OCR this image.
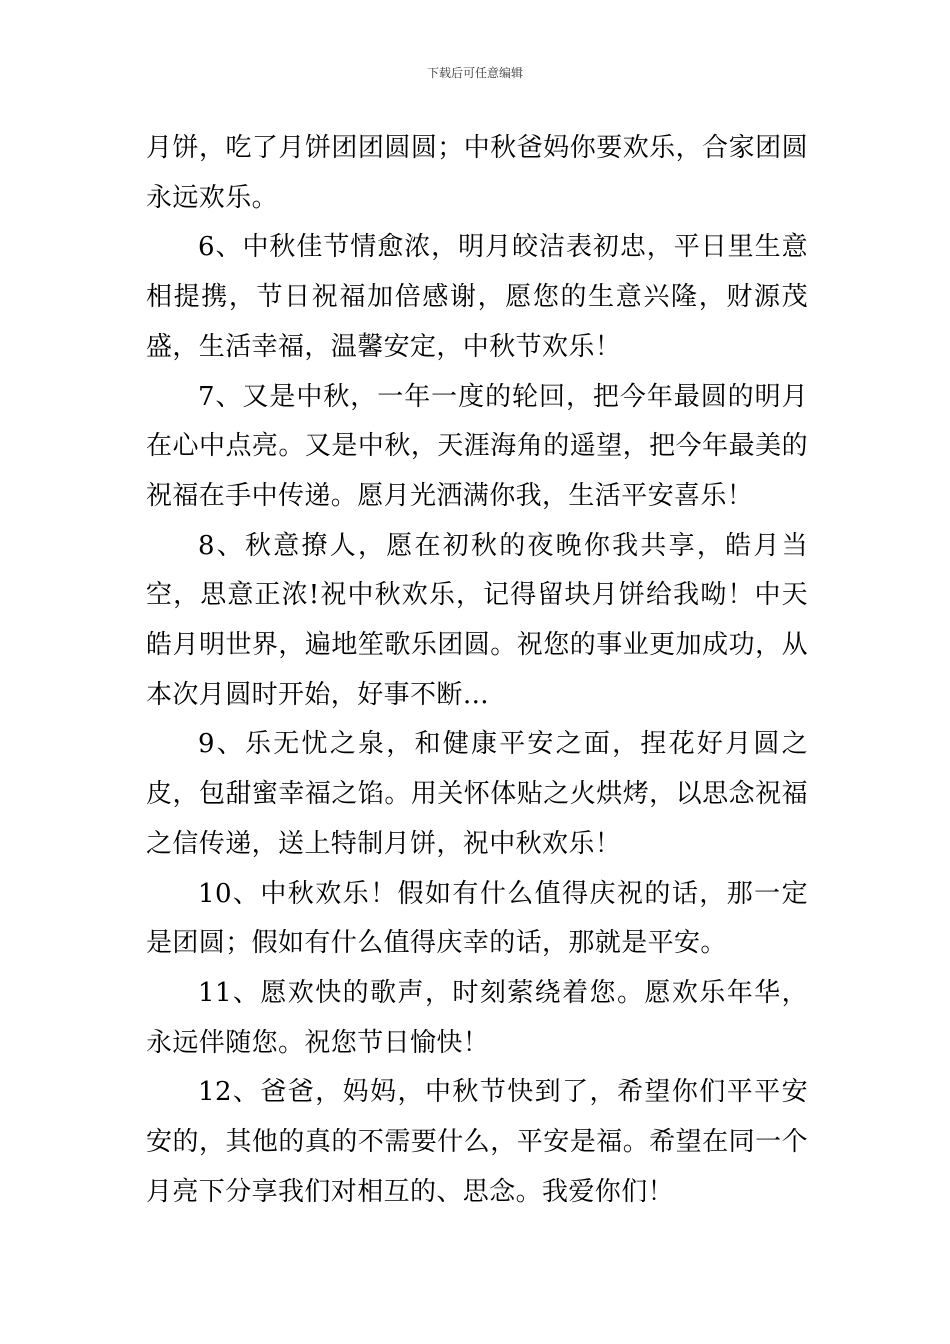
下载后可任意编辑

月饼，吃了月饼团团圆圆；中秋爸妈你要欢乐，合家团圆永远欢乐。

6、中秋佳节情愈浓，明月皎洁表初忠，平日里生意相提携，节日祝福加倍感谢，愿您的生意兴隆，财源茂盛，生活幸福，温馨安定，中秋节欢乐！

7、又是中秋，一年一度的轮回，把今年最圆的明月在心中点亮。又是中秋，天涯海角的遥望，把今年最美的祝福在手中传递。愿月光洒满你我，生活平安喜乐！

8、秋意撩人，愿在初秋的夜晚你我共享，皓月当空，思意正浓!祝中秋欢乐，记得留块月饼给我呦！中天皓月明世界，遍地笙歌乐团圆。祝您的事业更加成功，从本次月圆时开始，好事不断…

9、乐无忧之泉，和健康平安之面，捏花好月圆之皮，包甜蜜幸福之馅。用关怀体贴之火烘烤，以思念祝福之信传递，送上特制月饼，祝中秋欢乐！

10、中秋欢乐！假如有什么值得庆祝的话，那一定是团圆；假如有什么值得庆幸的话，那就是平安。

11、愿欢快的歌声，时刻萦绕着您。愿欢乐年华，永远伴随您。祝您节日愉快！

12、爸爸，妈妈，中秋节快到了，希望你们平平安安的，其他的真的不需要什么，平安是福。希望在同一个月亮下分享我们对相互的、思念。我爱你们！
